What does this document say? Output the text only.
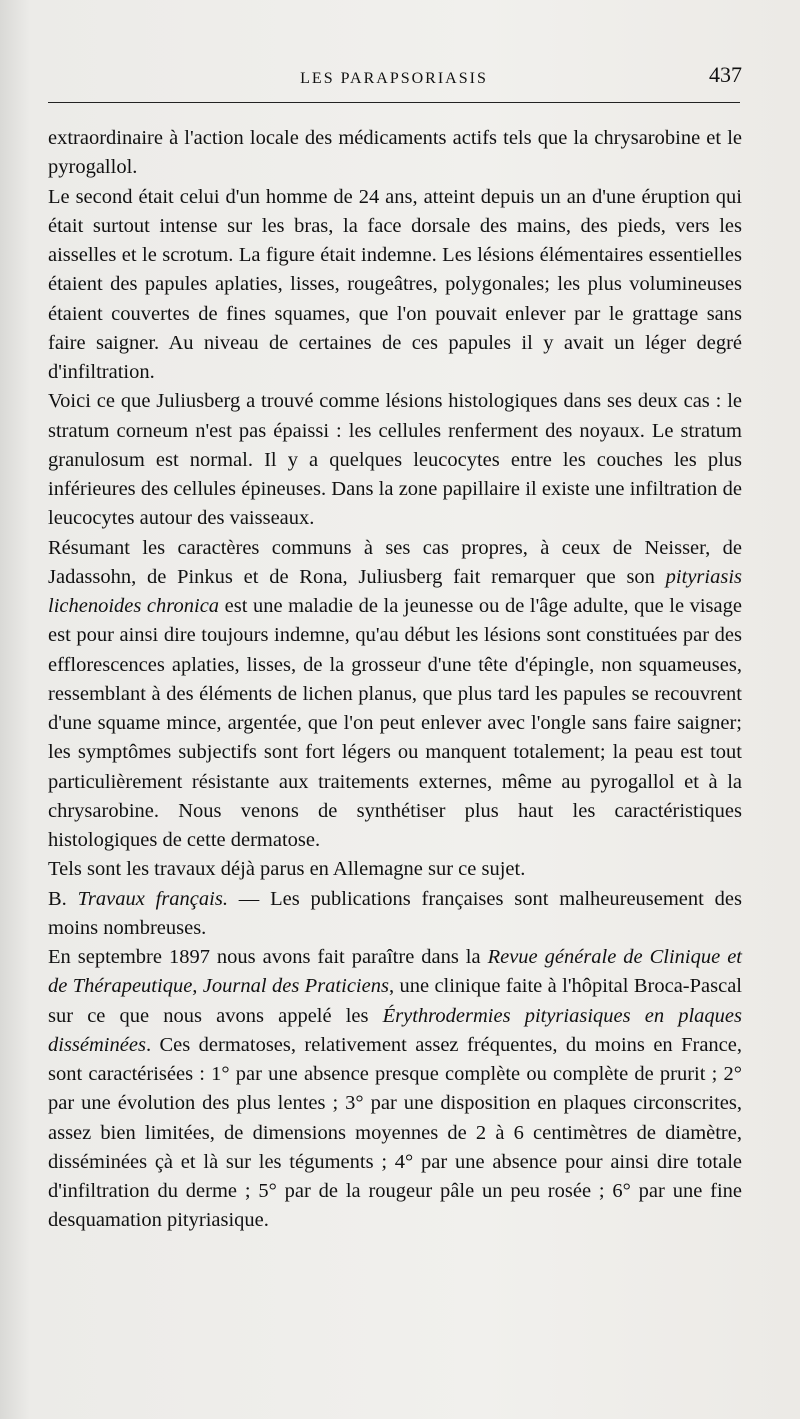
LES PARAPSORIASIS	437

extraordinaire à l'action locale des médicaments actifs tels que la chrysarobine et le pyrogallol.

Le second était celui d'un homme de 24 ans, atteint depuis un an d'une éruption qui était surtout intense sur les bras, la face dorsale des mains, des pieds, vers les aisselles et le scrotum. La figure était indemne. Les lésions élémentaires essentielles étaient des papules aplaties, lisses, rougeâtres, polygonales; les plus volumineuses étaient couvertes de fines squames, que l'on pouvait enlever par le grattage sans faire saigner. Au niveau de certaines de ces papules il y avait un léger degré d'infiltration.

Voici ce que Juliusberg a trouvé comme lésions histologiques dans ses deux cas : le stratum corneum n'est pas épaissi : les cellules renferment des noyaux. Le stratum granulosum est normal. Il y a quelques leucocytes entre les couches les plus inférieures des cellules épineuses. Dans la zone papillaire il existe une infiltration de leucocytes autour des vaisseaux.

Résumant les caractères communs à ses cas propres, à ceux de Neisser, de Jadassohn, de Pinkus et de Rona, Juliusberg fait remarquer que son pityriasis lichenoides chronica est une maladie de la jeunesse ou de l'âge adulte, que le visage est pour ainsi dire toujours indemne, qu'au début les lésions sont constituées par des efflorescences aplaties, lisses, de la grosseur d'une tête d'épingle, non squameuses, ressemblant à des éléments de lichen planus, que plus tard les papules se recouvrent d'une squame mince, argentée, que l'on peut enlever avec l'ongle sans faire saigner; les symptômes subjectifs sont fort légers ou manquent totalement; la peau est tout particulièrement résistante aux traitements externes, même au pyrogallol et à la chrysarobine. Nous venons de synthétiser plus haut les caractéristiques histologiques de cette dermatose.

Tels sont les travaux déjà parus en Allemagne sur ce sujet.

B. Travaux français. — Les publications françaises sont malheureusement des moins nombreuses.

En septembre 1897 nous avons fait paraître dans la Revue générale de Clinique et de Thérapeutique, Journal des Praticiens, une clinique faite à l'hôpital Broca-Pascal sur ce que nous avons appelé les Érythrodermies pityriasiques en plaques disséminées. Ces dermatoses, relativement assez fréquentes, du moins en France, sont caractérisées : 1° par une absence presque complète ou complète de prurit ; 2° par une évolution des plus lentes ; 3° par une disposition en plaques circonscrites, assez bien limitées, de dimensions moyennes de 2 à 6 centimètres de diamètre, disséminées çà et là sur les téguments ; 4° par une absence pour ainsi dire totale d'infiltration du derme ; 5° par de la rougeur pâle un peu rosée ; 6° par une fine desquamation pityriasique.
